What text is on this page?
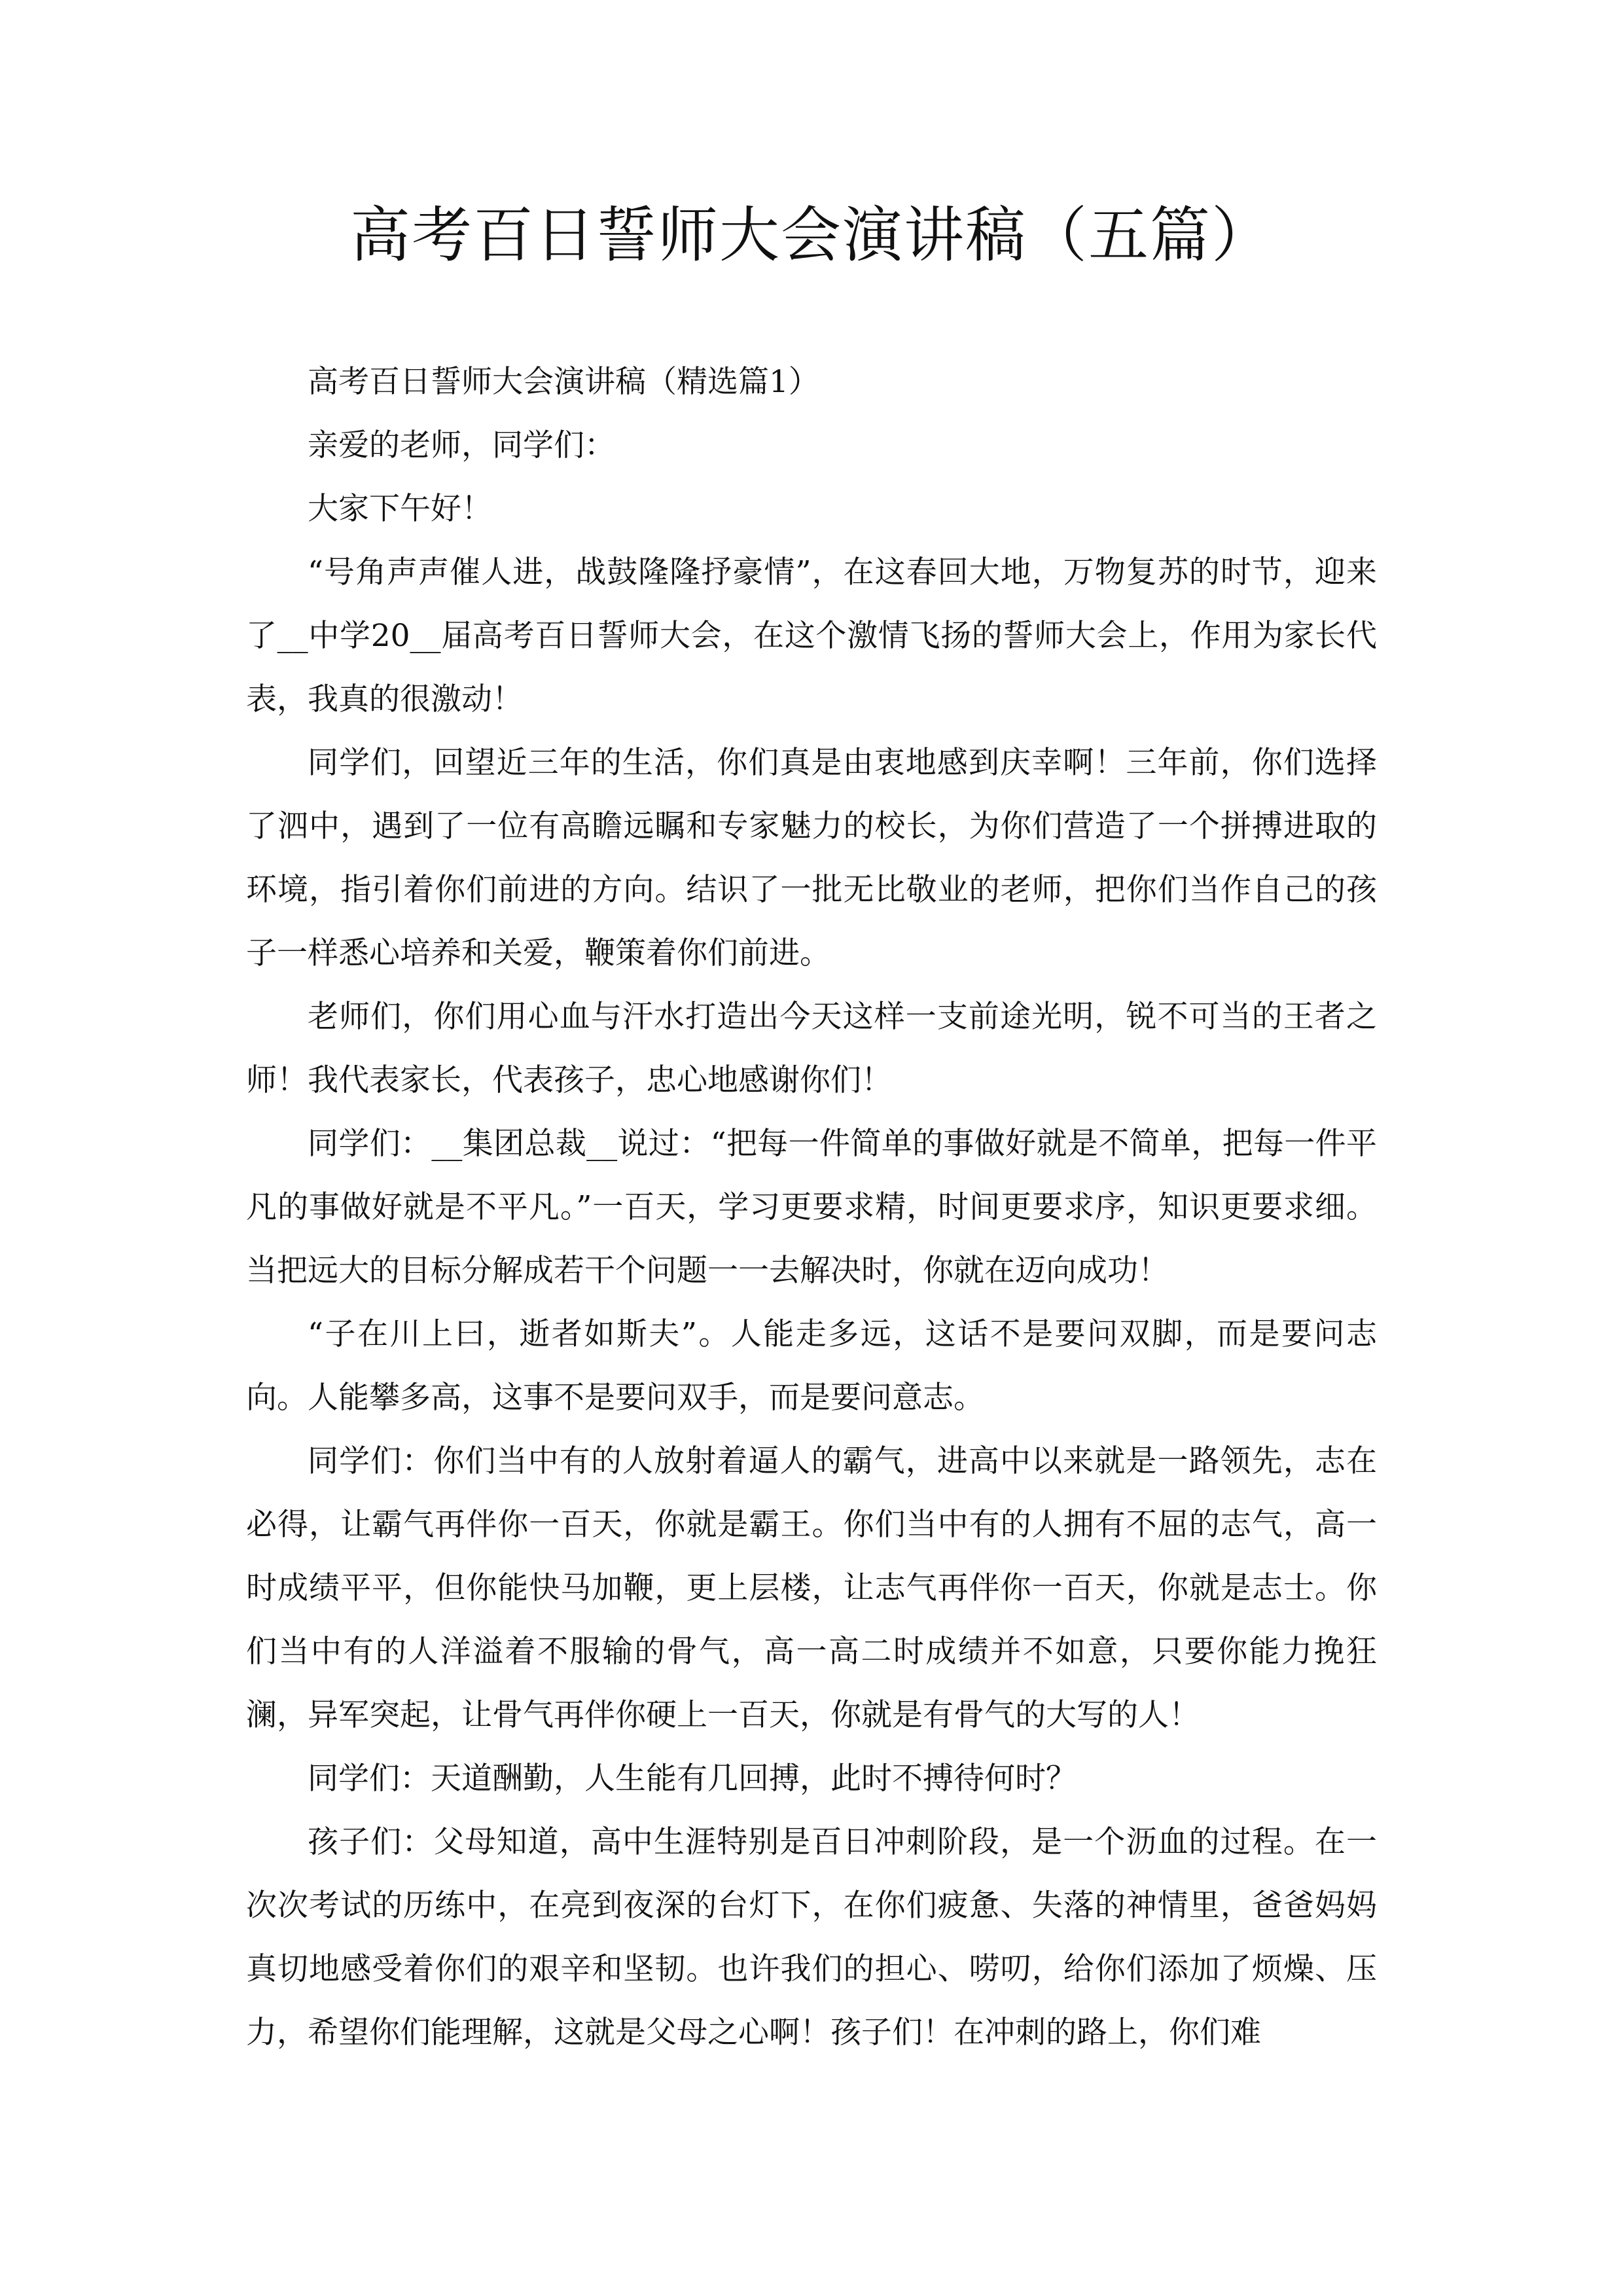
高考百日誓师大会演讲稿（五篇）

高考百日誓师大会演讲稿（精选篇1）

亲爱的老师，同学们：

大家下午好！

“号角声声催人进，战鼓隆隆抒豪情”，在这春回大地，万物复苏的时节，迎来了__中学20__届高考百日誓师大会，在这个激情飞扬的誓师大会上，作用为家长代表，我真的很激动！

同学们，回望近三年的生活，你们真是由衷地感到庆幸啊！三年前，你们选择了泗中，遇到了一位有高瞻远瞩和专家魅力的校长，为你们营造了一个拼搏进取的环境，指引着你们前进的方向。结识了一批无比敬业的老师，把你们当作自己的孩子一样悉心培养和关爱，鞭策着你们前进。

老师们，你们用心血与汗水打造出今天这样一支前途光明，锐不可当的王者之师！我代表家长，代表孩子，忠心地感谢你们！

同学们：__集团总裁__说过：“把每一件简单的事做好就是不简单，把每一件平凡的事做好就是不平凡。”一百天，学习更要求精，时间更要求序，知识更要求细。当把远大的目标分解成若干个问题一一去解决时，你就在迈向成功！

“子在川上曰，逝者如斯夫”。人能走多远，这话不是要问双脚，而是要问志向。人能攀多高，这事不是要问双手，而是要问意志。

同学们：你们当中有的人放射着逼人的霸气，进高中以来就是一路领先，志在必得，让霸气再伴你一百天，你就是霸王。你们当中有的人拥有不屈的志气，高一时成绩平平，但你能快马加鞭，更上层楼，让志气再伴你一百天，你就是志士。你们当中有的人洋溢着不服输的骨气，高一高二时成绩并不如意，只要你能力挽狂澜，异军突起，让骨气再伴你硬上一百天，你就是有骨气的大写的人！

同学们：天道酬勤，人生能有几回搏，此时不搏待何时？

孩子们：父母知道，高中生涯特别是百日冲刺阶段，是一个沥血的过程。在一次次考试的历练中，在亮到夜深的台灯下，在你们疲惫、失落的神情里，爸爸妈妈真切地感受着你们的艰辛和坚韧。也许我们的担心、唠叨，给你们添加了烦燥、压力，希望你们能理解，这就是父母之心啊！孩子们！在冲刺的路上，你们难
